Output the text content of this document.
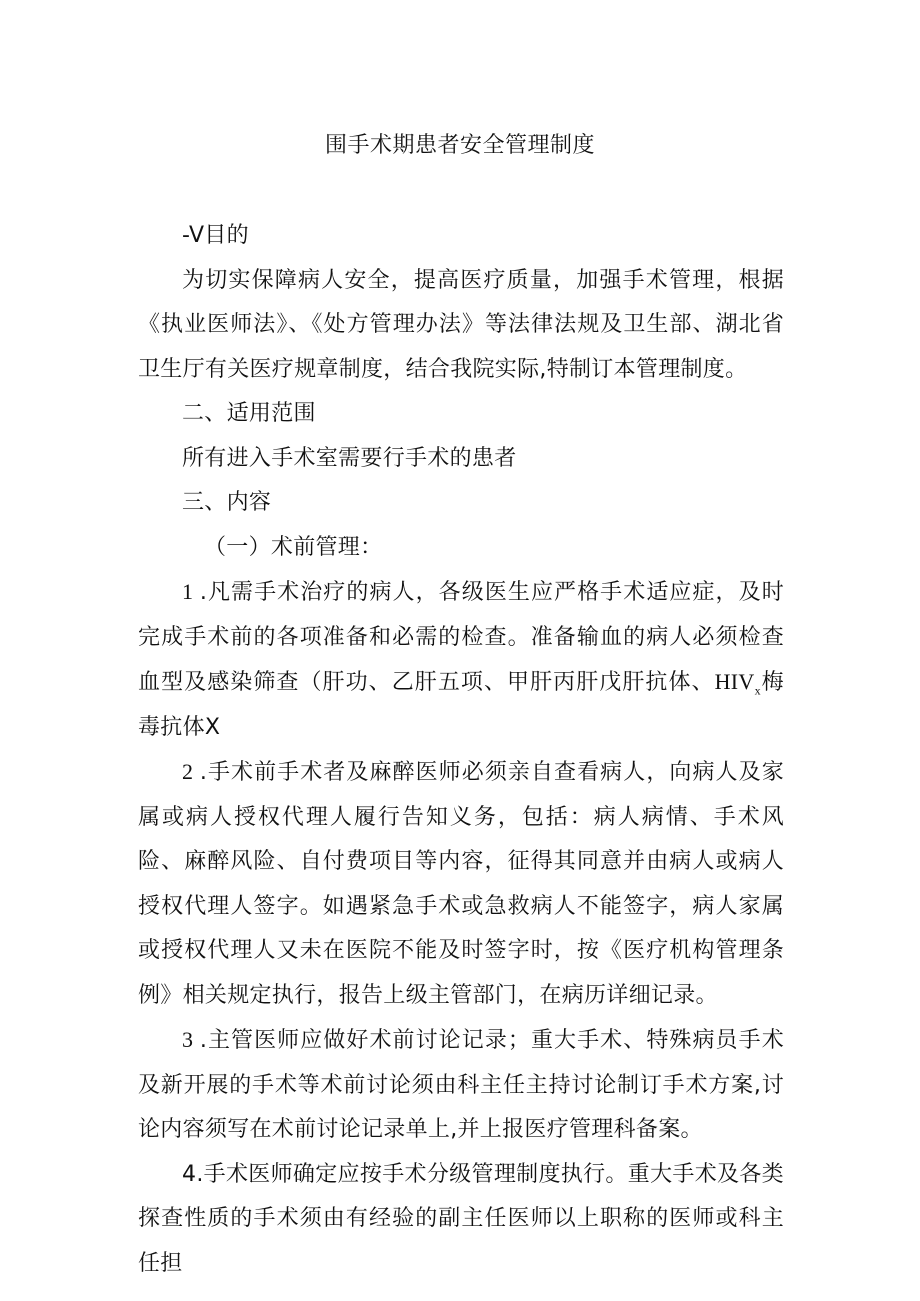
围手术期患者安全管理制度

-V目的

为切实保障病人安全，提高医疗质量，加强手术管理，根据《执业医师法》、《处方管理办法》等法律法规及卫生部、湖北省卫生厅有关医疗规章制度，结合我院实际,特制订本管理制度。

二、适用范围

所有进入手术室需要行手术的患者

三、内容

（一）术前管理：

1 .凡需手术治疗的病人，各级医生应严格手术适应症，及时完成手术前的各项准备和必需的检查。准备输血的病人必须检查血型及感染筛查（肝功、乙肝五项、甲肝丙肝戊肝抗体、$HIV_x$梅毒抗体X

2 .手术前手术者及麻醉医师必须亲自查看病人，向病人及家属或病人授权代理人履行告知义务，包括：病人病情、手术风险、麻醉风险、自付费项目等内容，征得其同意并由病人或病人授权代理人签字。如遇紧急手术或急救病人不能签字，病人家属或授权代理人又未在医院不能及时签字时，按《医疗机构管理条例》相关规定执行，报告上级主管部门，在病历详细记录。

3 .主管医师应做好术前讨论记录；重大手术、特殊病员手术及新开展的手术等术前讨论须由科主任主持讨论制订手术方案,讨论内容须写在术前讨论记录单上,并上报医疗管理科备案。

4.手术医师确定应按手术分级管理制度执行。重大手术及各类探查性质的手术须由有经验的副主任医师以上职称的医师或科主任担
